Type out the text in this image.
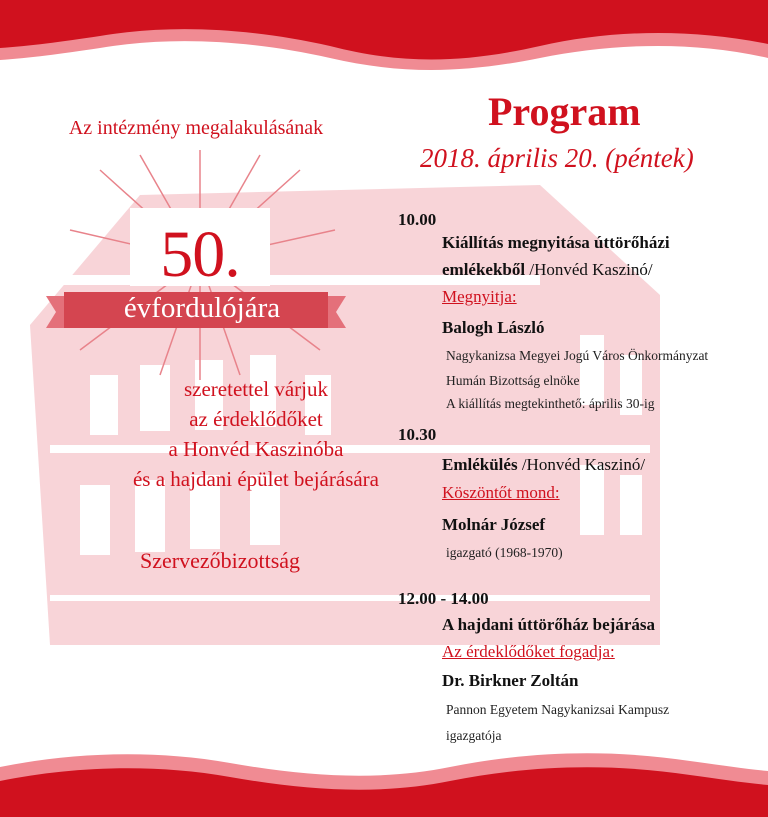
Az intézmény megalakulásának
50.
évfordulójára
szeretettel várjuk
az érdeklődőket
a Honvéd Kaszinóba
és a hajdani épület bejárására
Szervezőbizottság
Program
2018. április 20. (péntek)
10.00
Kiállítás megnyitása úttörőházi
emlékekből /Honvéd Kaszinó/
Megnyitja:
Balogh László
Nagykanizsa Megyei Jogú Város Önkormányzat
Humán Bizottság elnöke
A kiállítás megtekinthető: április 30-ig
10.30
Emlékülés /Honvéd Kaszinó/
Köszöntőt mond:
Molnár József
igazgató (1968-1970)
12.00 - 14.00
A hajdani úttörőház bejárása
Az érdeklődőket fogadja:
Dr. Birkner Zoltán
Pannon Egyetem Nagykanizsai Kampusz
igazgatója
